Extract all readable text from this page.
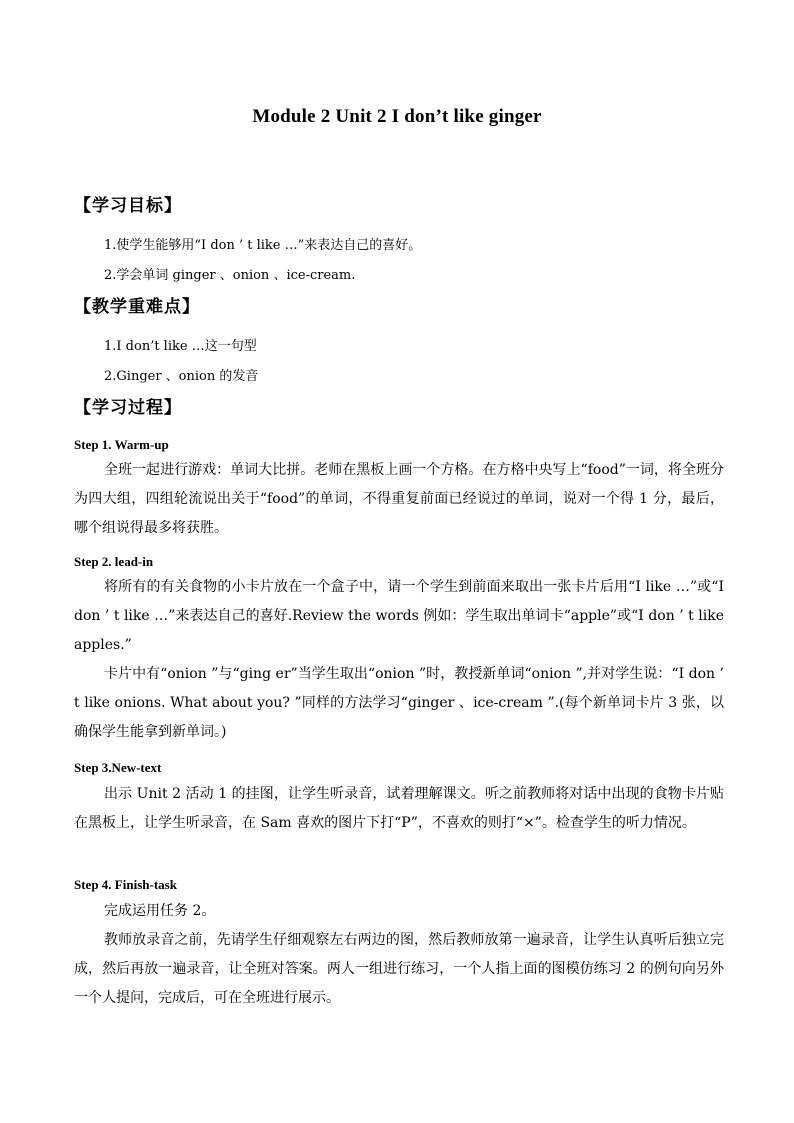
Module 2 Unit 2 I don’t like ginger
【学习目标】
1.使学生能够用“I don ’ t like …”来表达自己的喜好。
2.学会单词 ginger 、onion 、ice-cream.
【教学重难点】
1.I don’t like …这一句型
2.Ginger 、onion 的发音
【学习过程】
Step 1. Warm-up
全班一起进行游戏：单词大比拼。老师在黑板上画一个方格。在方格中央写上“food”一词，将全班分为四大组，四组轮流说出关于“food”的单词，不得重复前面已经说过的单词，说对一个得 1 分，最后，哪个组说得最多将获胜。
Step 2. lead-in
将所有的有关食物的小卡片放在一个盒子中，请一个学生到前面来取出一张卡片后用“I like …”或“I don ’ t like …”来表达自己的喜好.Review the words 例如：学生取出单词卡“apple”或“I don ’ t like apples.”
卡片中有“onion ”与“ging er”当学生取出“onion ”时，教授新单词“onion ”,并对学生说：“I don ’ t like onions. What about you? ”同样的方法学习“ginger 、ice-cream ”.(每个新单词卡片 3 张，以确保学生能拿到新单词。)
Step 3.New-text
出示 Unit 2 活动 1 的挂图，让学生听录音，试着理解课文。听之前教师将对话中出现的食物卡片贴在黑板上，让学生听录音，在 Sam 喜欢的图片下打“P”，不喜欢的则打“×”。检查学生的听力情况。
Step 4. Finish-task
完成运用任务 2。
教师放录音之前，先请学生仔细观察左右两边的图，然后教师放第一遍录音，让学生认真听后独立完成，然后再放一遍录音，让全班对答案。两人一组进行练习，一个人指上面的图模仿练习 2 的例句向另外一个人提问，完成后，可在全班进行展示。
